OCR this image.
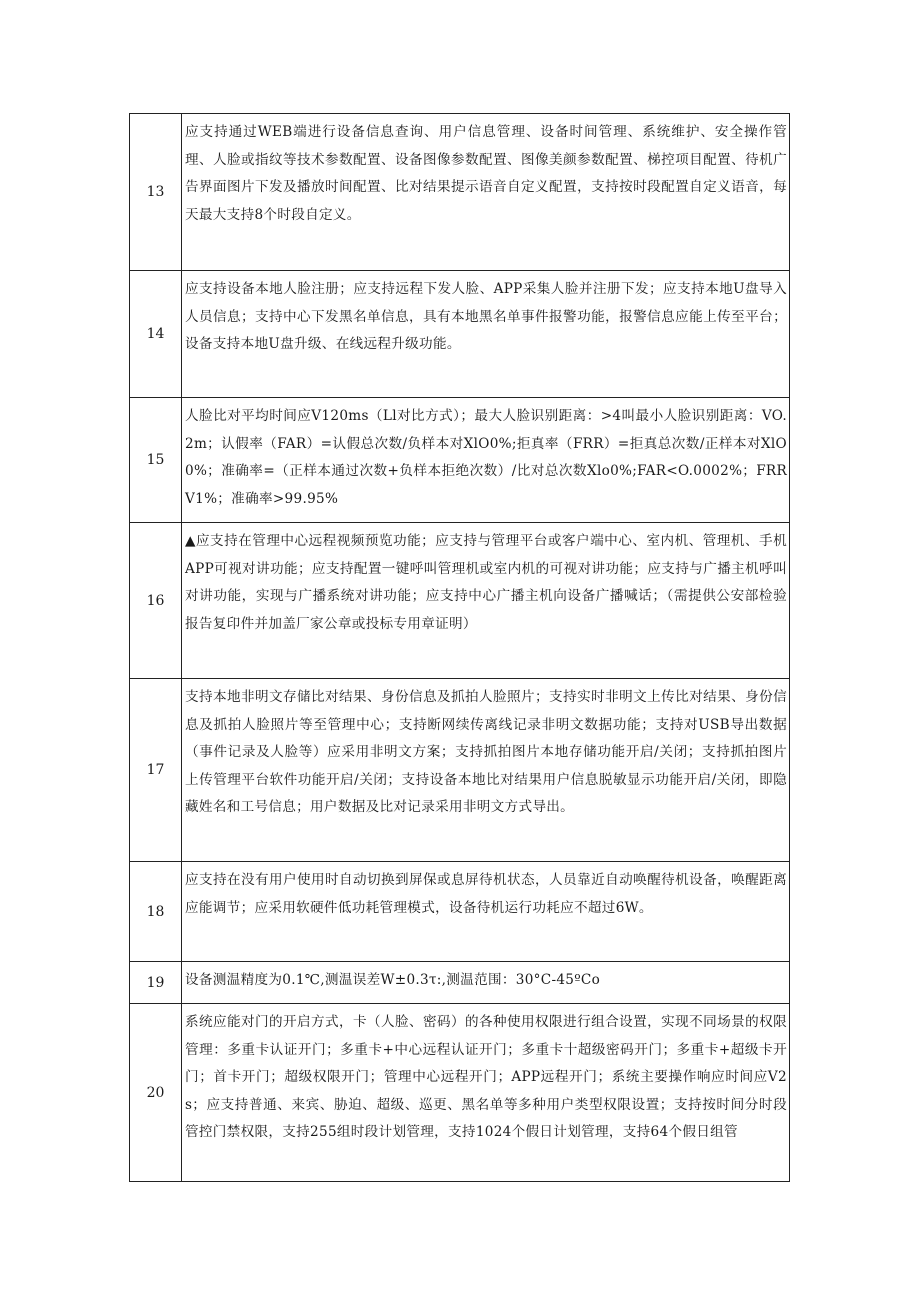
13	应支持通过WEB端进行设备信息查询、用户信息管理、设备时间管理、系统维护、安全操作管理、人脸或指纹等技术参数配置、设备图像参数配置、图像美颜参数配置、梯控项目配置、待机广告界面图片下发及播放时间配置、比对结果提示语音自定义配置，支持按时段配置自定义语音，每天最大支持8个时段自定义。

14	应支持设备本地人脸注册；应支持远程下发人脸、APP采集人脸并注册下发；应支持本地U盘导入人员信息；支持中心下发黑名单信息，具有本地黑名单事件报警功能，报警信息应能上传至平台；设备支持本地U盘升级、在线远程升级功能。

15	人脸比对平均时间应V120ms（Ll对比方式）；最大人脸识别距离：>4叫最小人脸识别距离：VO.2m；认假率（FAR）=认假总次数/负样本对XlO0%;拒真率（FRR）=拒真总次数/正样本对XlO0%；准确率=（正样本通过次数+负样本拒绝次数）/比对总次数Xlo0%;FAR<O.0002%；FRRV1%；准确率>99.95%

16	▲应支持在管理中心远程视频预览功能；应支持与管理平台或客户端中心、室内机、管理机、手机APP可视对讲功能；应支持配置一键呼叫管理机或室内机的可视对讲功能；应支持与广播主机呼叫对讲功能，实现与广播系统对讲功能；应支持中心广播主机向设备广播喊话；（需提供公安部检验报告复印件并加盖厂家公章或投标专用章证明）

17	支持本地非明文存储比对结果、身份信息及抓拍人脸照片；支持实时非明文上传比对结果、身份信息及抓拍人脸照片等至管理中心；支持断网续传离线记录非明文数据功能；支持对USB导出数据（事件记录及人脸等）应采用非明文方案；支持抓拍图片本地存储功能开启/关闭；支持抓拍图片上传管理平台软件功能开启/关闭；支持设备本地比对结果用户信息脱敏显示功能开启/关闭，即隐藏姓名和工号信息；用户数据及比对记录采用非明文方式导出。

18	应支持在没有用户使用时自动切换到屏保或息屏待机状态，人员靠近自动唤醒待机设备，唤醒距离应能调节；应采用软硬件低功耗管理模式，设备待机运行功耗应不超过6W。

19	设备测温精度为0.1℃,测温误差W±0.3τ:,测温范围：30°C-45ºCo

20	系统应能对门的开启方式，卡（人脸、密码）的各种使用权限进行组合设置，实现不同场景的权限管理：多重卡认证开门；多重卡+中心远程认证开门；多重卡十超级密码开门；多重卡+超级卡开门；首卡开门；超级权限开门；管理中心远程开门；APP远程开门；系统主要操作响应时间应V2s；应支持普通、来宾、胁迫、超级、巡更、黑名单等多种用户类型权限设置；支持按时间分时段管控门禁权限，支持255组时段计划管理，支持1024个假日计划管理，支持64个假日组管
